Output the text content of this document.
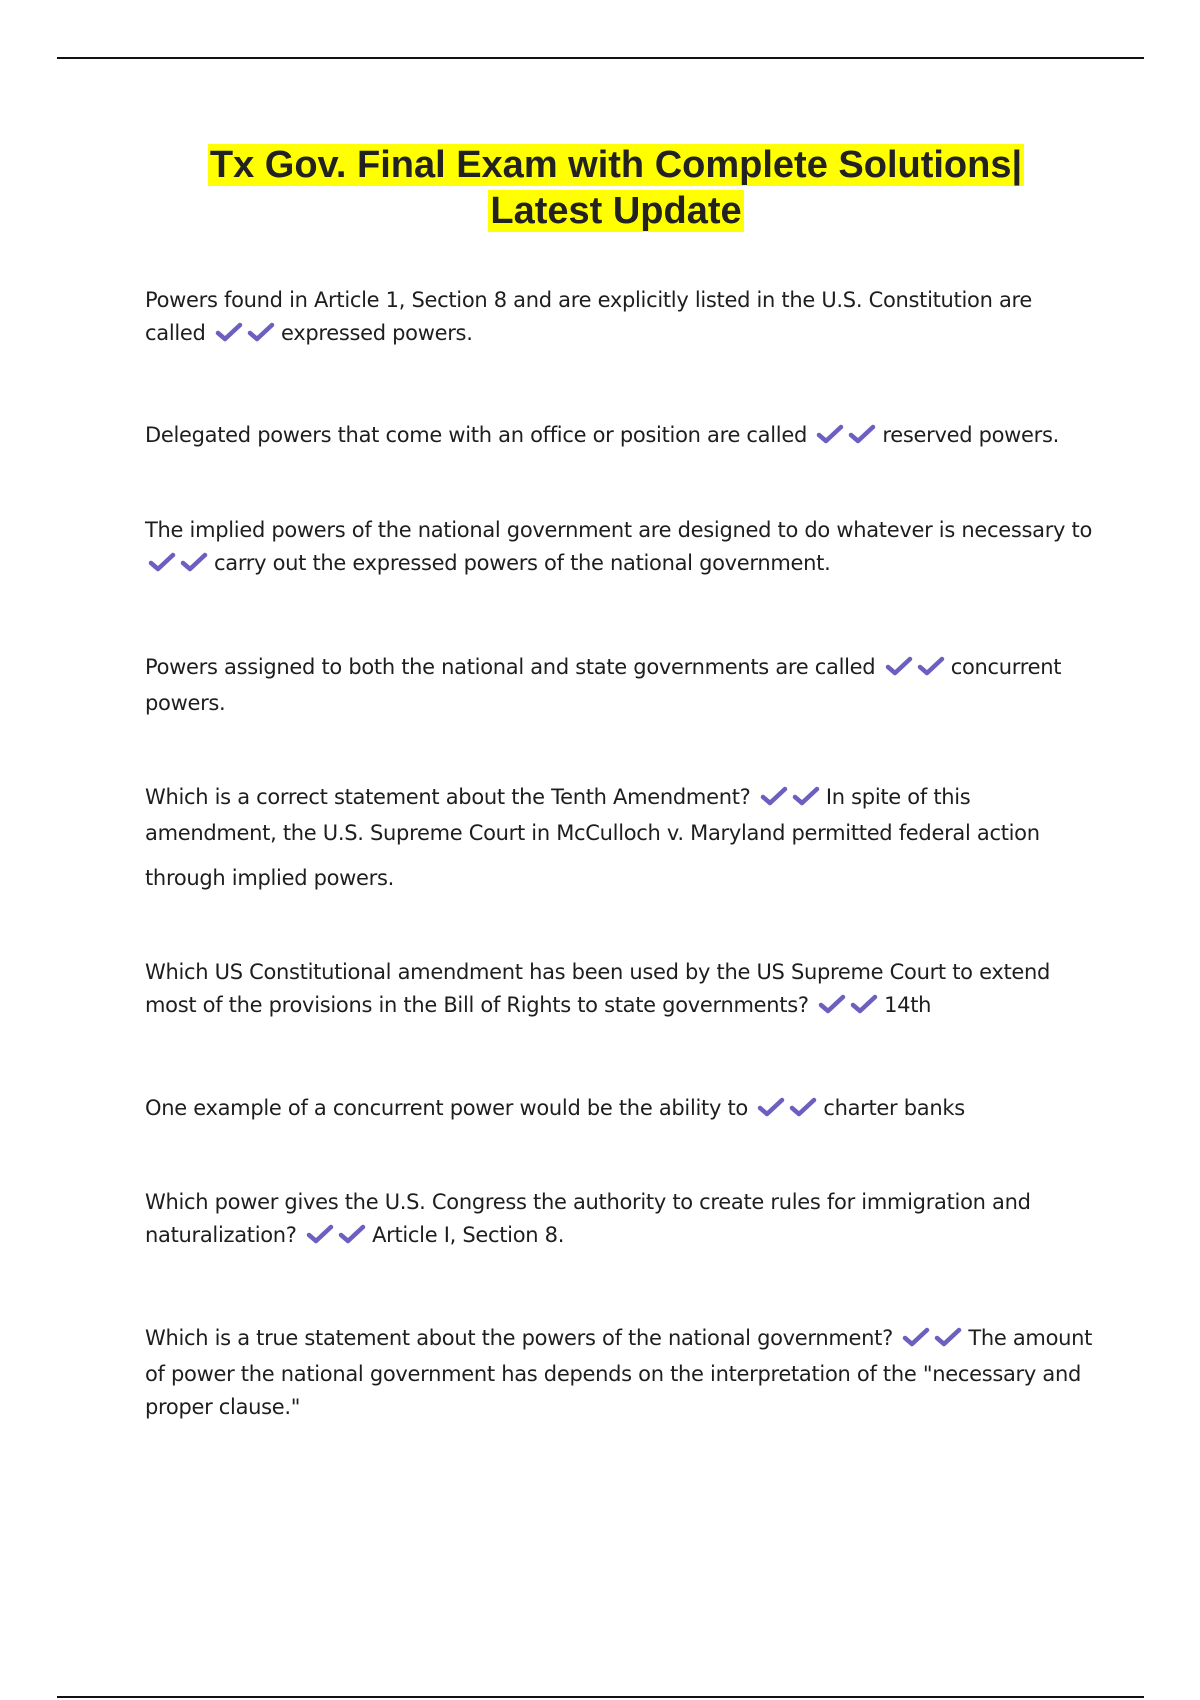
Tx Gov. Final Exam with Complete Solutions|
Latest Update
Powers found in Article 1, Section 8 and are explicitly listed in the U.S. Constitution are called	expressed powers.
Delegated powers that come with an office or position are called	reserved powers.
The implied powers of the national government are designed to do whatever is necessary to
carry out the expressed powers of the national government.
Powers assigned to both the national and state governments are called	concurrent powers.
Which is a correct statement about the Tenth Amendment?	In spite of this amendment, the U.S. Supreme Court in McCulloch v. Maryland permitted federal action
through implied powers.
Which US Constitutional amendment has been used by the US Supreme Court to extend most of the provisions in the Bill of Rights to state governments?	14th
One example of a concurrent power would be the ability to	charter banks
Which power gives the U.S. Congress the authority to create rules for immigration and naturalization?	Article I, Section 8.
Which is a true statement about the powers of the national government?	The amount of power the national government has depends on the interpretation of the "necessary and proper clause."
